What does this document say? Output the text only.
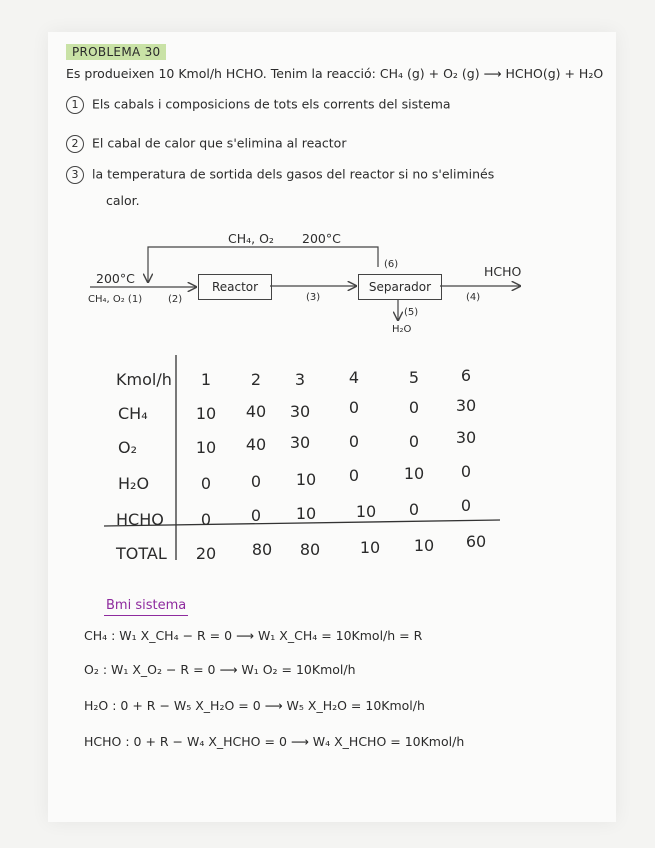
PROBLEMA 30
Es produeixen 10 Kmol/h HCHO. Tenim la reacció: CH₄ (g) + O₂ (g) ⟶ HCHO(g) + H₂O
1 Els cabals i composicions de tots els corrents del sistema
2 El cabal de calor que s'elimina al reactor
3 la temperatura de sortida dels gasos del reactor si no s'eliminés
calor.
CH₄, O₂ 200°C
200°C
CH₄, O₂ (1)	(2)	(3)	(4)
(5)
(6)	HCHO
H₂O
Reactor	Separador
Kmol/h	1	2	3	4	5	6
CH₄	10	40	30	0	0	30
O₂	10	40	30	0	0	30
H₂O	0	0	10	0	10	0
HCHO	0	0	10	10	0	0
TOTAL	20	80	80	10	10	60
Bmi sistema
CH₄ : W₁ X_CH₄ − R = 0 ⟶ W₁ X_CH₄ = 10Kmol/h = R
O₂ : W₁ X_O₂ − R = 0 ⟶ W₁ O₂ = 10Kmol/h
H₂O : 0 + R − W₅ X_H₂O = 0 ⟶ W₅ X_H₂O = 10Kmol/h
HCHO : 0 + R − W₄ X_HCHO = 0 ⟶ W₄ X_HCHO = 10Kmol/h
